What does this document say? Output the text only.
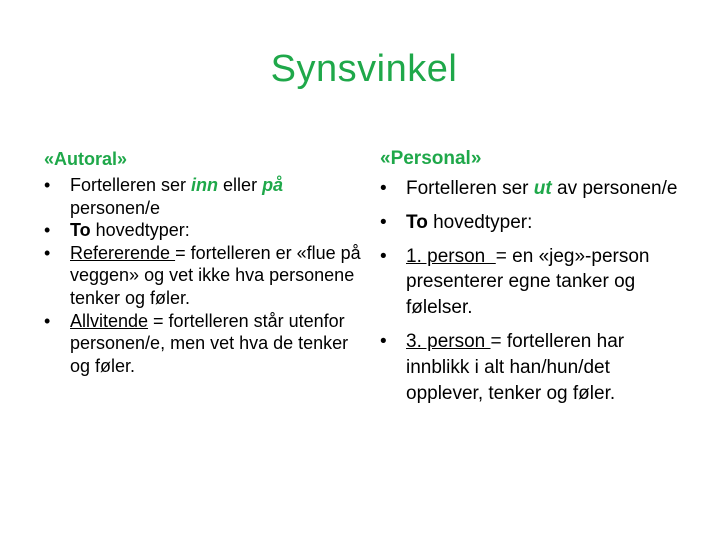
Synsvinkel
«Autoral»
•	Fortelleren ser inn eller på personen/e
•	To hovedtyper:
•	Refererende = fortelleren er «flue på veggen» og vet ikke hva personene tenker og føler.
•	Allvitende = fortelleren står utenfor personen/e, men vet hva de tenker og føler.
«Personal»
•	Fortelleren ser ut av personen/e
•	To hovedtyper:
•	1. person  = en «jeg»-person presenterer egne tanker og følelser.
•	3. person = fortelleren har innblikk i alt han/hun/det opplever, tenker og føler.
